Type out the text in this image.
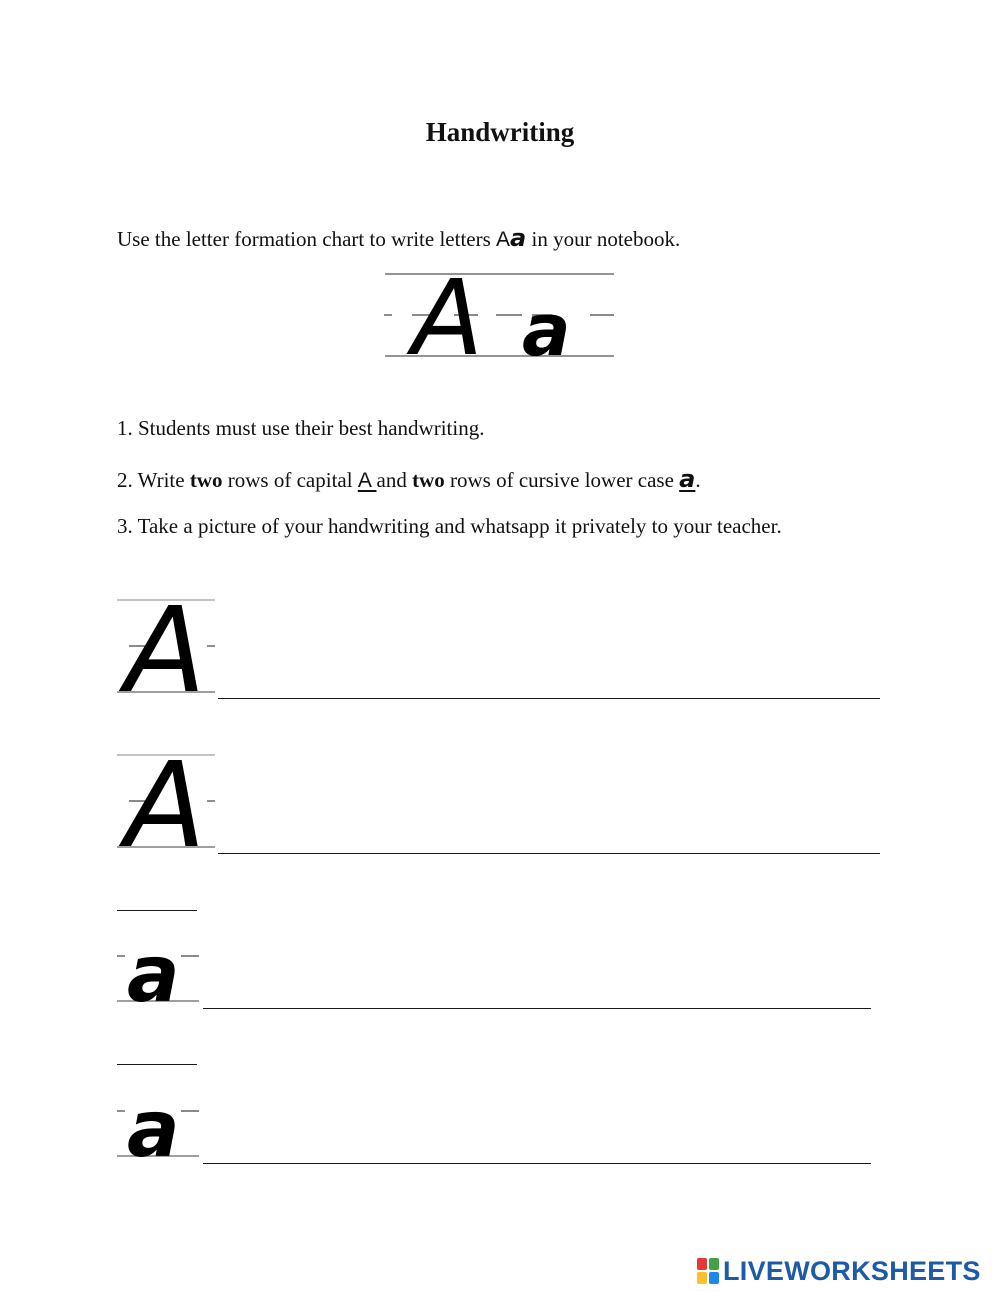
Handwriting
Use the letter formation chart to write letters Aa in your notebook.
A a
1. Students must use their best handwriting.
2. Write two rows of capital A and two rows of cursive lower case a.
3. Take a picture of your handwriting and whatsapp it privately to your teacher.
A
A
a
a
LIVEWORKSHEETS
